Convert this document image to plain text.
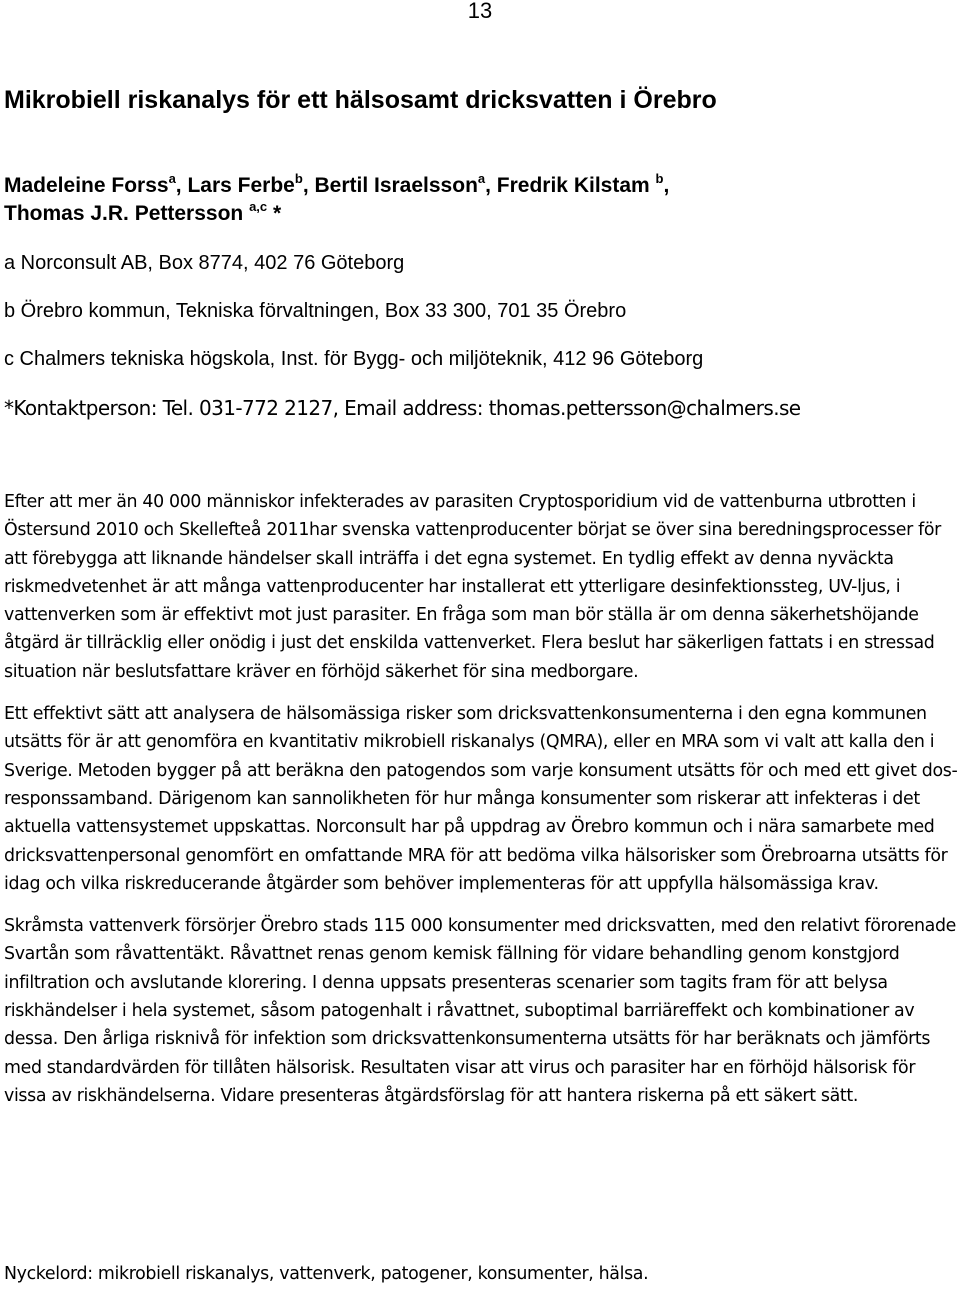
13
Mikrobiell riskanalys för ett hälsosamt dricksvatten i Örebro
Madeleine Forss$^a$, Lars Ferbe$^b$, Bertil Israelsson$^a$, Fredrik Kilstam $^b$,
Thomas J.R. Pettersson $^{a,c}$ *
a Norconsult AB, Box 8774, 402 76 Göteborg
b Örebro kommun, Tekniska förvaltningen, Box 33 300, 701 35 Örebro
c Chalmers tekniska högskola, Inst. för Bygg- och miljöteknik, 412 96 Göteborg
*Kontaktperson: Tel. 031-772 2127, Email address: thomas.pettersson@chalmers.se

Efter att mer än 40 000 människor infekterades av parasiten Cryptosporidium vid de vattenburna utbrotten i Östersund 2010 och Skellefteå 2011har svenska vattenproducenter börjat se över sina beredningsprocesser för att förebygga att liknande händelser skall inträffa i det egna systemet. En tydlig effekt av denna nyväckta riskmedvetenhet är att många vattenproducenter har installerat ett ytterligare desinfektionssteg, UV-ljus, i vattenverken som är effektivt mot just parasiter. En fråga som man bör ställa är om denna säkerhetshöjande åtgärd är tillräcklig eller onödig i just det enskilda vattenverket. Flera beslut har säkerligen fattats i en stressad situation när beslutsfattare kräver en förhöjd säkerhet för sina medborgare.

Ett effektivt sätt att analysera de hälsomässiga risker som dricksvattenkonsumenterna i den egna kommunen utsätts för är att genomföra en kvantitativ mikrobiell riskanalys (QMRA), eller en MRA som vi valt att kalla den i Sverige. Metoden bygger på att beräkna den patogendos som varje konsument utsätts för och med ett givet dos-responssamband. Därigenom kan sannolikheten för hur många konsumenter som riskerar att infekteras i det aktuella vattensystemet uppskattas. Norconsult har på uppdrag av Örebro kommun och i nära samarbete med dricksvattenpersonal genomfört en omfattande MRA för att bedöma vilka hälsorisker som Örebroarna utsätts för idag och vilka riskreducerande åtgärder som behöver implementeras för att uppfylla hälsomässiga krav.

Skråmsta vattenverk försörjer Örebro stads 115 000 konsumenter med dricksvatten, med den relativt förorenade Svartån som råvattentäkt. Råvattnet renas genom kemisk fällning för vidare behandling genom konstgjord infiltration och avslutande klorering. I denna uppsats presenteras scenarier som tagits fram för att belysa riskhändelser i hela systemet, såsom patogenhalt i råvattnet, suboptimal barriäreffekt och kombinationer av dessa. Den årliga risknivå för infektion som dricksvattenkonsumenterna utsätts för har beräknats och jämförts med standardvärden för tillåten hälsorisk. Resultaten visar att virus och parasiter har en förhöjd hälsorisk för vissa av riskhändelserna. Vidare presenteras åtgärdsförslag för att hantera riskerna på ett säkert sätt.

Nyckelord: mikrobiell riskanalys, vattenverk, patogener, konsumenter, hälsa.
